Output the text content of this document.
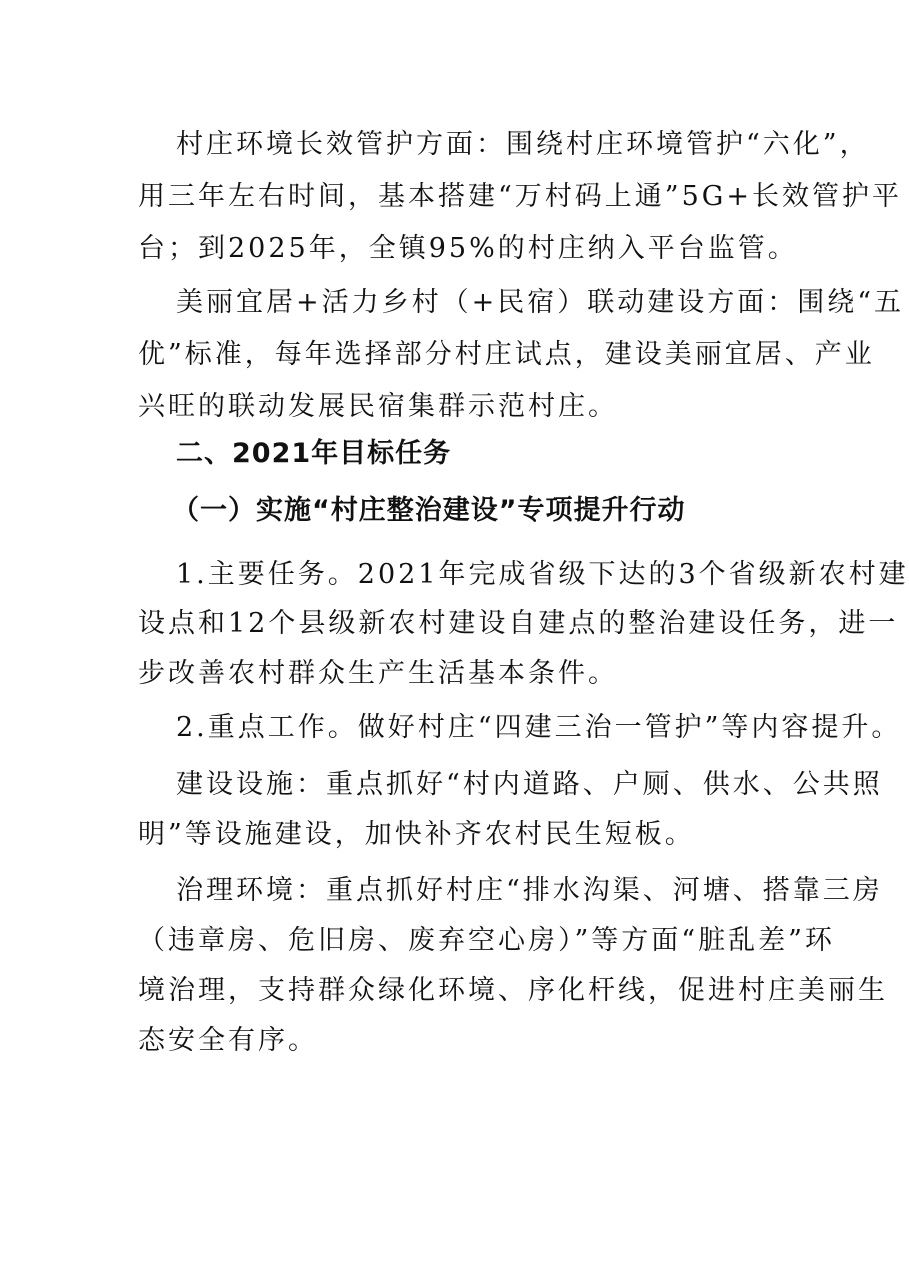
村庄环境长效管护方面：围绕村庄环境管护“六化”，
用三年左右时间，基本搭建“万村码上通”5G+长效管护平
台；到2025年，全镇95%的村庄纳入平台监管。
美丽宜居+活力乡村（+民宿）联动建设方面：围绕“五
优”标准，每年选择部分村庄试点，建设美丽宜居、产业
兴旺的联动发展民宿集群示范村庄。
二、2021年目标任务
（一）实施“村庄整治建设”专项提升行动
1.主要任务。2021年完成省级下达的3个省级新农村建
设点和12个县级新农村建设自建点的整治建设任务，进一
步改善农村群众生产生活基本条件。
2.重点工作。做好村庄“四建三治一管护”等内容提升。
建设设施：重点抓好“村内道路、户厕、供水、公共照
明”等设施建设，加快补齐农村民生短板。
治理环境：重点抓好村庄“排水沟渠、河塘、搭靠三房
（违章房、危旧房、废弃空心房）”等方面“脏乱差”环
境治理，支持群众绿化环境、序化杆线，促进村庄美丽生
态安全有序。
